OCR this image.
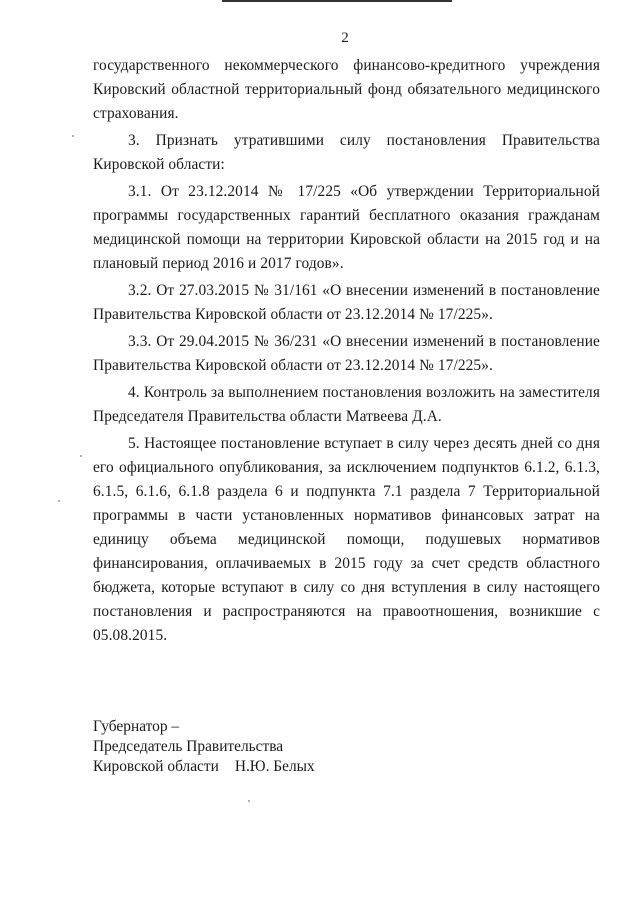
2

государственного некоммерческого финансово-кредитного учреждения Кировский областной территориальный фонд обязательного медицинского страхования.

3. Признать утратившими силу постановления Правительства Кировской области:

3.1. От 23.12.2014 № 17/225 «Об утверждении Территориальной программы государственных гарантий бесплатного оказания гражданам медицинской помощи на территории Кировской области на 2015 год и на плановый период 2016 и 2017 годов».

3.2. От 27.03.2015 № 31/161 «О внесении изменений в постановление Правительства Кировской области от 23.12.2014 № 17/225».

3.3. От 29.04.2015 № 36/231 «О внесении изменений в постановление Правительства Кировской области от 23.12.2014 № 17/225».

4. Контроль за выполнением постановления возложить на заместителя Председателя Правительства области Матвеева Д.А.

5. Настоящее постановление вступает в силу через десять дней со дня его официального опубликования, за исключением подпунктов 6.1.2, 6.1.3, 6.1.5, 6.1.6, 6.1.8 раздела 6 и подпункта 7.1 раздела 7 Территориальной программы в части установленных нормативов финансовых затрат на единицу объема медицинской помощи, подушевых нормативов финансирования, оплачиваемых в 2015 году за счет средств областного бюджета, которые вступают в силу со дня вступления в силу настоящего постановления и распространяются на правоотношения, возникшие с 05.08.2015.

Губернатор –
Председатель Правительства
Кировской области Н.Ю. Белых
